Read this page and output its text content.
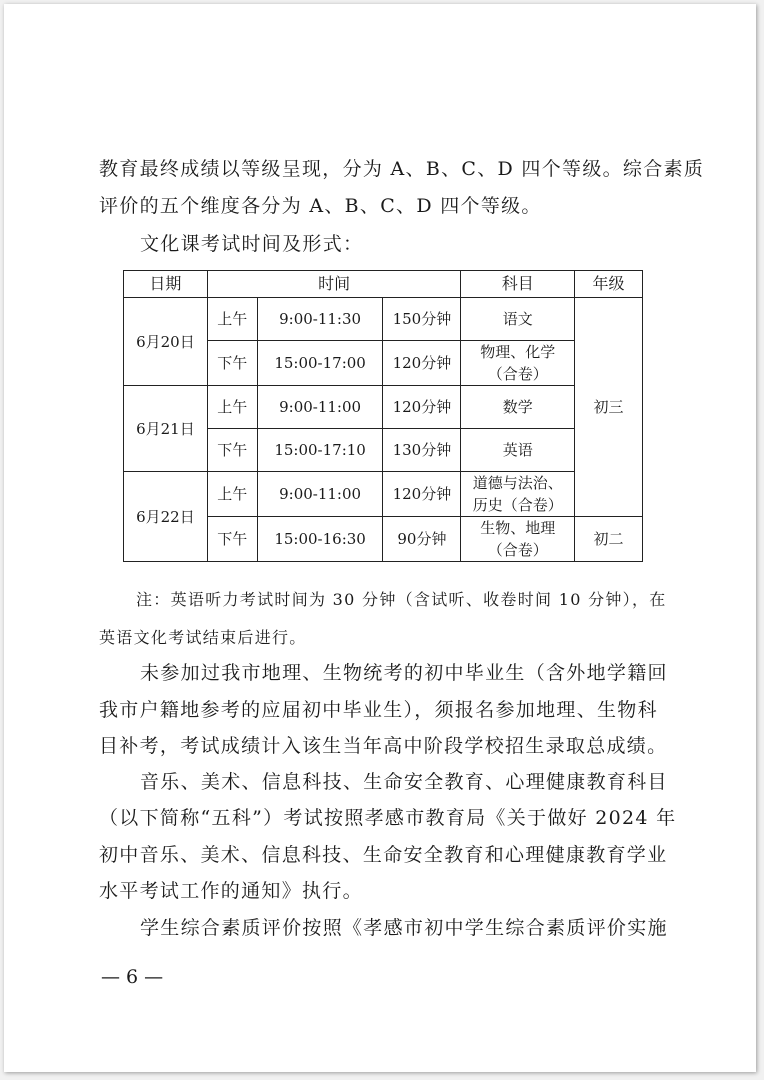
教育最终成绩以等级呈现，分为 A、B、C、D 四个等级。综合素质
评价的五个维度各分为 A、B、C、D 四个等级。
文化课考试时间及形式：
日期	时间			科目	年级
6月20日	上午	9:00-11:30	150分钟	语文	初三
	下午	15:00-17:00	120分钟	物理、化学
（合卷）	

6月21日	上午	9:00-11:00	120分钟	数学	

	下午	15:00-17:10	130分钟	英语	

6月22日	上午	9:00-11:00	120分钟	道德与法治、
历史（合卷）	

	下午	15:00-16:30	90分钟	生物、地理
（合卷）	初二
注：英语听力考试时间为 30 分钟（含试听、收卷时间 10 分钟），在
英语文化考试结束后进行。
未参加过我市地理、生物统考的初中毕业生（含外地学籍回
我市户籍地参考的应届初中毕业生），须报名参加地理、生物科
目补考，考试成绩计入该生当年高中阶段学校招生录取总成绩。
音乐、美术、信息科技、生命安全教育、心理健康教育科目
（以下简称“五科”）考试按照孝感市教育局《关于做好 2024 年
初中音乐、美术、信息科技、生命安全教育和心理健康教育学业
水平考试工作的通知》执行。
学生综合素质评价按照《孝感市初中学生综合素质评价实施
— 6 —
